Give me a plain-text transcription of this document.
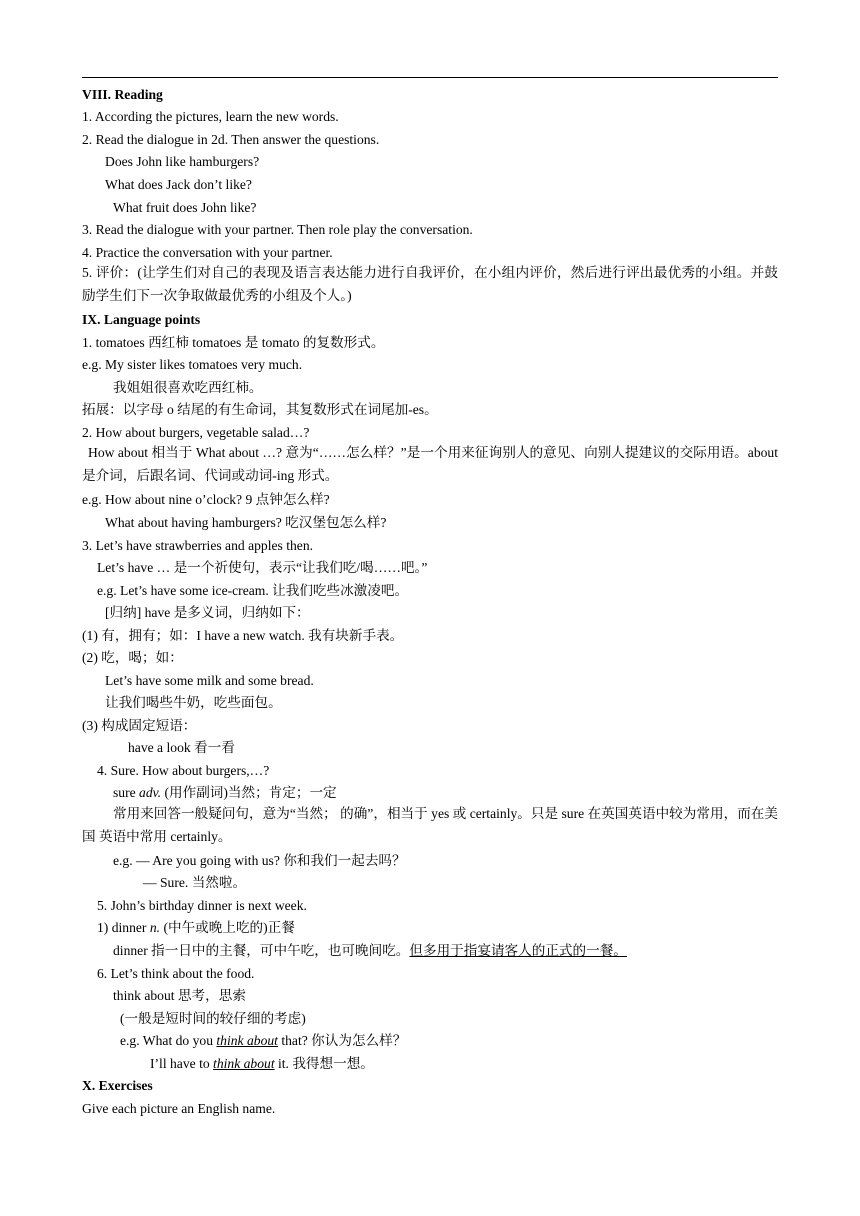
VIII. Reading
1. According the pictures, learn the new words.
2. Read the dialogue in 2d. Then answer the questions.
Does John like hamburgers?
What does Jack don’t like?
What fruit does John like?
3. Read the dialogue with your partner. Then role play the conversation.
4. Practice the conversation with your partner.
5. 评价：(让学生们对自己的表现及语言表达能力进行自我评价，在小组内评价，然后进行评出最优秀的小组。并鼓励学生们下一次争取做最优秀的小组及个人。)
IX. Language points
1. tomatoes 西红柿 tomatoes 是 tomato 的复数形式。
e.g. My sister likes tomatoes very much.
我姐姐很喜欢吃西红柿。
拓展：以字母 o 结尾的有生命词，其复数形式在词尾加-es。
2. How about burgers, vegetable salad…?
How about 相当于 What about …? 意为“……怎么样？”是一个用来征询别人的意见、向别人提建议的交际用语。about 是介词，后跟名词、代词或动词-ing 形式。
e.g. How about nine o’clock? 9 点钟怎么样?
What about having hamburgers? 吃汉堡包怎么样?
3. Let’s have strawberries and apples then.
Let’s have … 是一个祈使句，表示“让我们吃/喝……吧。”
e.g. Let’s have some ice-cream. 让我们吃些冰激凌吧。
[归纳] have 是多义词，归纳如下：
(1) 有，拥有；如：I have a new watch. 我有块新手表。
(2) 吃，喝；如：
Let’s have some milk and some bread.
让我们喝些牛奶，吃些面包。
(3) 构成固定短语：
have a look 看一看
4. Sure. How about burgers,…?
sure adv. (用作副词)当然；肯定；一定
常用来回答一般疑问句，意为“当然； 的确”，相当于 yes 或 certainly。只是 sure 在英国英语中较为常用，而在美国 英语中常用 certainly。
e.g. — Are you going with us? 你和我们一起去吗？
— Sure. 当然啦。
5. John’s birthday dinner is next week.
1) dinner n. (中午或晚上吃的)正餐
dinner 指一日中的主餐，可中午吃，也可晚间吃。但多用于指宴请客人的正式的一餐。
6. Let’s think about the food.
think about 思考，思索
(一般是短时间的较仔细的考虑)
e.g. What do you think about that? 你认为怎么样？
I’ll have to think about it. 我得想一想。
X. Exercises
Give each picture an English name.
